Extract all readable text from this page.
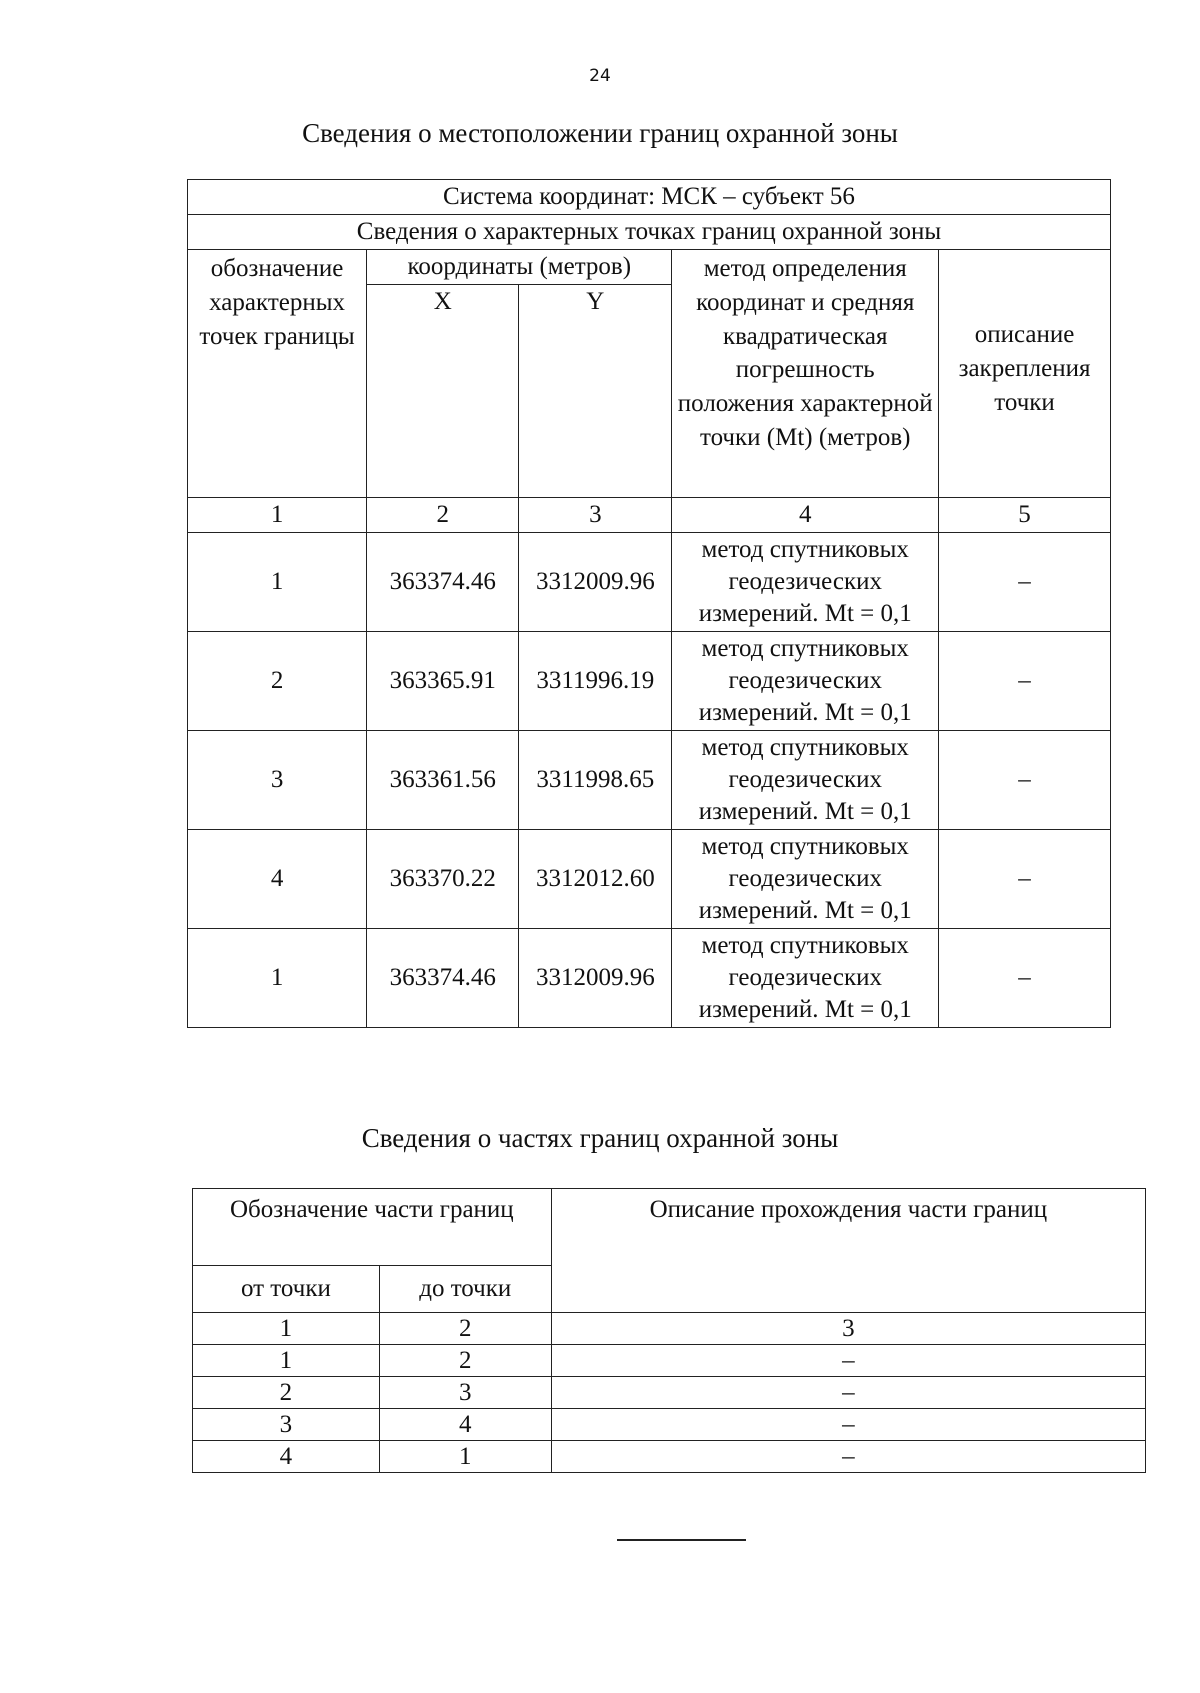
24
Сведения о местоположении границ охранной зоны
Система координат: МСК – субъект 56				
Сведения о характерных точках границ охранной зоны				
обозначение характерных точек границы	координаты (метров)		метод определения координат и средняя квадратическая погрешность положения характерной точки (Mt) (метров)	описание закрепления точки
	X	Y		
1	2	3	4	5
1	363374.46	3312009.96	метод спутниковых геодезических измерений. Mt = 0,1	–
2	363365.91	3311996.19	метод спутниковых геодезических измерений. Mt = 0,1	–
3	363361.56	3311998.65	метод спутниковых геодезических измерений. Mt = 0,1	–
4	363370.22	3312012.60	метод спутниковых геодезических измерений. Mt = 0,1	–
1	363374.46	3312009.96	метод спутниковых геодезических измерений. Mt = 0,1	–
Сведения о частях границ охранной зоны
Обозначение части границ		Описание прохождения части границ
от точки	до точки	
1	2	3
1	2	–
2	3	–
3	4	–
4	1	–
